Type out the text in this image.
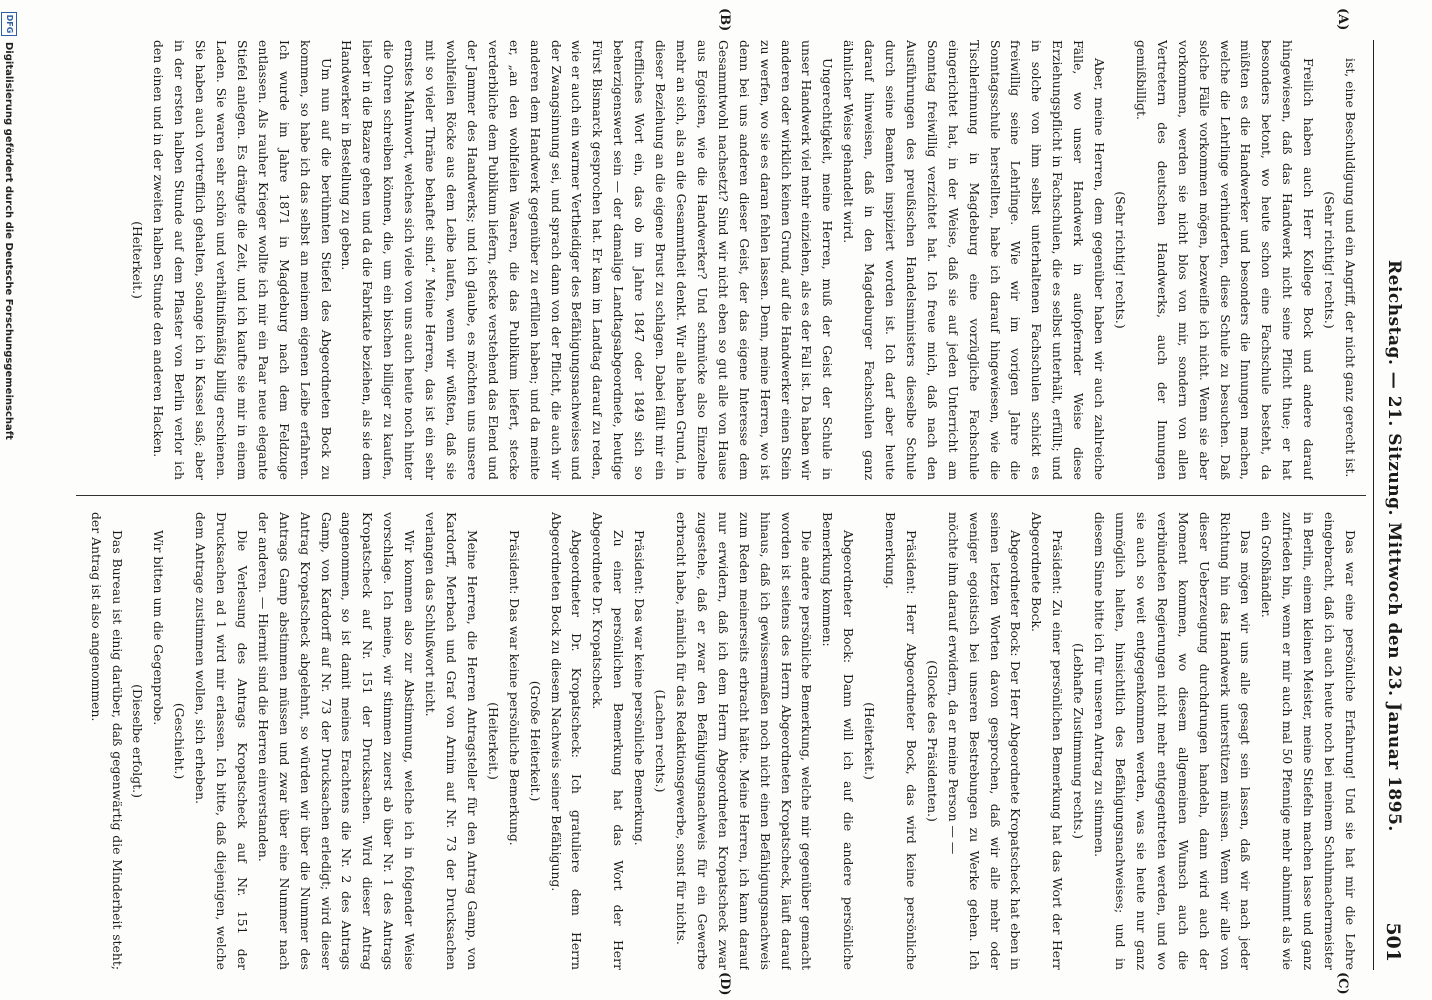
Reichstag. — 21. Sitzung. Mittwoch den 23. Januar 1895.
501
(A)
(B)
(C)
(D)

ist, eine Beschuldigung und ein Angriff, der nicht ganz gerecht ist.

(Sehr richtig! rechts.)

Freilich haben auch Herr Kollege Bock und andere darauf hingewiesen, daß das Handwerk nicht seine Pflicht thue; er hat besonders betont, wo heute schon eine Fachschule besteht, da müßten es die Handwerker und besonders die Innungen machen, welche die Lehrlinge verhinderten, diese Schule zu besuchen. Daß solche Fälle vorkommen mögen, bezweifle ich nicht. Wenn sie aber vorkommen, werden sie nicht blos von mir, sondern von allen Vertretern des deutschen Handwerks, auch der Innungen gemißbilligt.

(Sehr richtig! rechts.)

Aber, meine Herren, dem gegenüber haben wir auch zahlreiche Fälle, wo unser Handwerk in aufopfernder Weise diese Erziehungspflicht in Fachschulen, die es selbst unterhält, erfüllt; und in solche von ihm selbst unterhaltenen Fachschulen schickt es freiwillig seine Lehrlinge. Wie wir im vorigen Jahre die Sonntagsschule herstellten, habe ich darauf hingewiesen, wie die Tischlerinnung in Magdeburg eine vorzügliche Fachschule eingerichtet hat, in der Weise, daß sie auf jeden Unterricht am Sonntag freiwillig verzichtet hat. Ich freue mich, daß nach den Ausführungen des preußischen Handelsministers dieselbe Schule durch seine Beamten inspiziert worden ist. Ich darf aber heute darauf hinweisen, daß in den Magdeburger Fachschulen ganz ähnlicher Weise gehandelt wird.

Ungerechtigkeit, meine Herren, muß der Geist der Schule in unser Handwerk viel mehr einziehen, als es der Fall ist. Da haben wir anderen oder wirklich keinen Grund, auf die Handwerker einen Stein zu werfen, wo sie es daran fehlen lassen. Denn, meine Herren, wo ist denn bei uns anderen dieser Geist, der das eigene Interesse dem Gesammtwohl nachsetzt? Sind wir nicht eben so gut alle von Hause aus Egoisten, wie die Handwerker? Und schmücke also Einzelne mehr an sich, als an die Gesammtheit denkt. Wir alle haben Grund, in dieser Beziehung an die eigene Brust zu schlagen. Dabei fällt mir ein treffliches Wort ein, das ob im Jahre 1847 oder 1849 sich so beherzigenswert sein — der damalige Landtagsabgeordnete, heutige Fürst Bismarck gesprochen hat. Er kam im Landtag darauf zu reden, wie er auch ein warmer Vertheidiger des Befähigungsnachweises und der Zwangsinnung sei, und sprach dann von der Pflicht, die auch wir anderen dem Handwerk gegenüber zu erfüllen haben; und da meinte er, „an den wohlfeilen Waaren, die das Publikum liefert, stecke verderbliche dem Publikum liefern, stecke verstehend das Elend und der Jammer des Handwerks; und ich glaube, es möchten uns unsere wohlfeilen Röcke aus dem Leibe laufen, wenn wir wüßten, daß sie mit so vieler Thräne behaftet sind.“ Meine Herren, das ist ein sehr ernstes Mahnwort, welches sich viele von uns auch heute noch hinter die Ohren schreiben können, die, um ein bischen billiger zu kaufen, lieber in die Bazare gehen und da die Fabrikate beziehen, als sie dem Handwerker in Bestellung zu geben.

Um nun auf die berühmten Stiefel des Abgeordneten Bock zu kommen, so habe ich das selbst an meinem eigenen Leibe erfahren. Ich wurde im Jahre 1871 in Magdeburg nach dem Feldzuge entlassen. Als rauher Krieger wollte ich mir ein Paar neue elegante Stiefel anlegen. Es drängte die Zeit, und ich kaufte sie mir in einem Laden. Sie waren sehr schön und verhältnißmäßig billig erschienen. Sie haben auch vortrefflich gehalten, solange ich in Kassel saß; aber in der ersten halben Stunde auf dem Pflaster von Berlin verlor ich den einen und in der zweiten halben Stunde den anderen Hacken.

(Heiterkeit.)

Das war eine persönliche Erfahrung! Und sie hat mir die Lehre eingebracht, daß ich auch heute noch bei meinem Schuhmachermeister in Berlin, einem kleinen Meister, meine Stiefeln machen lasse und ganz zufrieden bin, wenn er mir auch mal 50 Pfennige mehr abnimmt als wie ein Großhändler.

Das mögen wir uns alle gesagt sein lassen, daß wir nach jeder Richtung hin das Handwerk unterstützen müssen. Wenn wir alle von dieser Ueberzeugung durchdrungen handeln, dann wird auch der Moment kommen, wo diesem allgemeinen Wunsch auch die verbündeten Regierungen nicht mehr entgegentreten werden, und wo sie auch so weit entgegenkommen werden, was sie heute nur ganz unmöglich halten, hinsichtlich des Befähigungsnachweises; und in diesem Sinne bitte ich für unseren Antrag zu stimmen.

(Lebhafte Zustimmung rechts.)

Präsident: Zu einer persönlichen Bemerkung hat das Wort der Herr Abgeordnete Bock.

Abgeordneter Bock: Der Herr Abgeordnete Kropatscheck hat eben in seinen letzten Worten davon gesprochen, daß wir alle mehr oder weniger egoistisch bei unseren Bestrebungen zu Werke gehen. Ich möchte ihm darauf erwidern, da er meine Person — —

(Glocke des Präsidenten.)

Präsident: Herr Abgeordneter Bock, das wird keine persönliche Bemerkung.

(Heiterkeit.)

Abgeordneter Bock: Dann will ich auf die andere persönliche Bemerkung kommen:

Die andere persönliche Bemerkung, welche mir gegenüber gemacht worden ist seitens des Herrn Abgeordneten Kropatscheck, läuft darauf hinaus, daß ich gewissermaßen noch nicht einen Befähigungsnachweis zum Reden meinerseits erbracht hätte. Meine Herren, ich kann darauf nur erwidern, daß ich dem Herrn Abgeordneten Kropatscheck zwar zugestehe, daß er zwar den Befähigungsnachweis für ein Gewerbe erbracht habe, nämlich für das Redaktionsgewerbe, sonst für nichts.

(Lachen rechts.)

Präsident: Das war keine persönliche Bemerkung.

Zu einer persönlichen Bemerkung hat das Wort der Herr Abgeordnete Dr. Kropatscheck.

Abgeordneter Dr. Kropatscheck: Ich gratuliere dem Herrn Abgeordneten Bock zu diesem Nachweis seiner Befähigung.

(Große Heiterkeit.)

Präsident: Das war keine persönliche Bemerkung.

(Heiterkeit.)

Meine Herren, die Herren Antragsteller für den Antrag Gamp, von Kardorff, Merbach und Graf von Arnim auf Nr. 73 der Drucksachen verlangen das Schlußwort nicht.

Wir kommen also zur Abstimmung, welche ich in folgender Weise vorschlage. Ich meine, wir stimmen zuerst ab über Nr. 1 des Antrags Kropatscheck auf Nr. 151 der Drucksachen. Wird dieser Antrag angenommen, so ist damit meines Erachtens die Nr. 2 des Antrags Gamp, von Kardorff auf Nr. 73 der Drucksachen erledigt; wird dieser Antrag Kropatscheck abgelehnt, so würden wir über die Nummer des Antrags Gamp abstimmen müssen und zwar über eine Nummer nach der anderen. — Hiermit sind die Herren einverstanden.

Die Verlesung des Antrags Kropatscheck auf Nr. 151 der Drucksachen ad 1 wird mir erlassen. Ich bitte, daß diejenigen, welche dem Antrage zustimmen wollen, sich erheben.

(Geschieht.)

Wir bitten um die Gegenprobe.

(Dieselbe erfolgt.)

Das Bureau ist einig darüber, daß gegenwärtig die Minderheit steht; der Antrag ist also angenommen.

DFG
Digitalisierung gefördert durch die Deutsche Forschungsgemeinschaft
